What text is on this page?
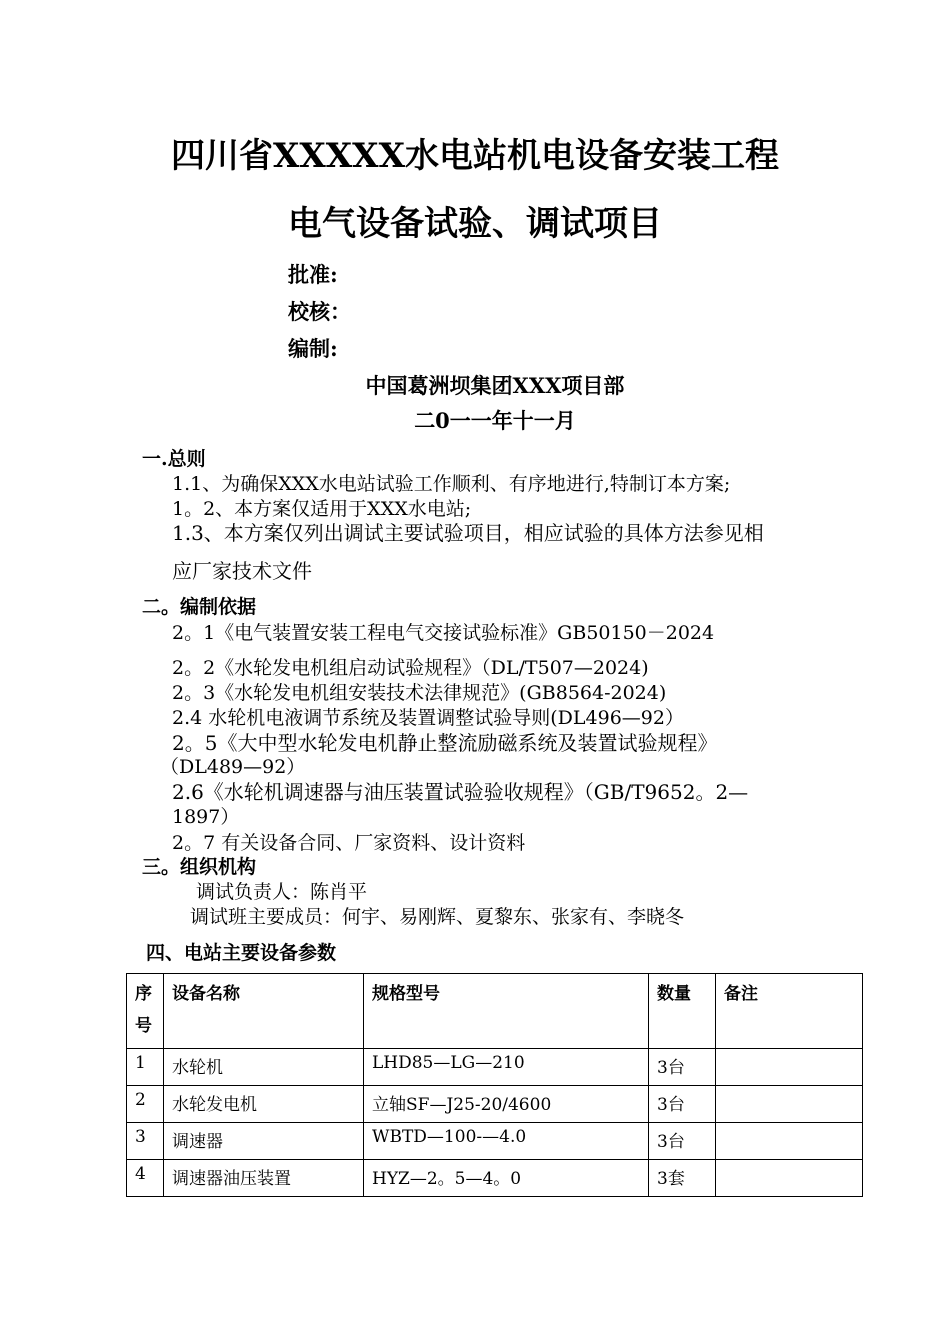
四川省XXXXX水电站机电设备安装工程
电气设备试验、调试项目
批准:
校核：
编制:
中国葛洲坝集团XXX项目部
二0一一年十一月
一.总则
1.1、为确保XXX水电站试验工作顺利、有序地进行,特制订本方案;
1。2、本方案仅适用于XXX水电站;
1.3、本方案仅列出调试主要试验项目，相应试验的具体方法参见相
应厂家技术文件
二。编制依据
2。1《电气装置安装工程电气交接试验标准》GB50150－2024
2。2《水轮发电机组启动试验规程》（DL/T507—2024)
2。3《水轮发电机组安装技术法律规范》(GB8564-2024)
2.4 水轮机电液调节系统及装置调整试验导则(DL496—92）
2。5《大中型水轮发电机静止整流励磁系统及装置试验规程》
（DL489—92）
2.6《水轮机调速器与油压装置试验验收规程》（GB/T9652。2—
1897）
2。7 有关设备合同、厂家资料、设计资料
三。组织机构
调试负责人：陈肖平
调试班主要成员：何宇、易刚辉、夏黎东、张家有、李晓冬
四、电站主要设备参数
序号	设备名称	规格型号	数量	备注
1	水轮机	LHD85—LG—210	3台	
2	水轮发电机	立轴SF—J25-20/4600	3台	
3	调速器	WBTD—100-—4.0	3台	
4	调速器油压装置	HYZ—2。5—4。0	3套	
